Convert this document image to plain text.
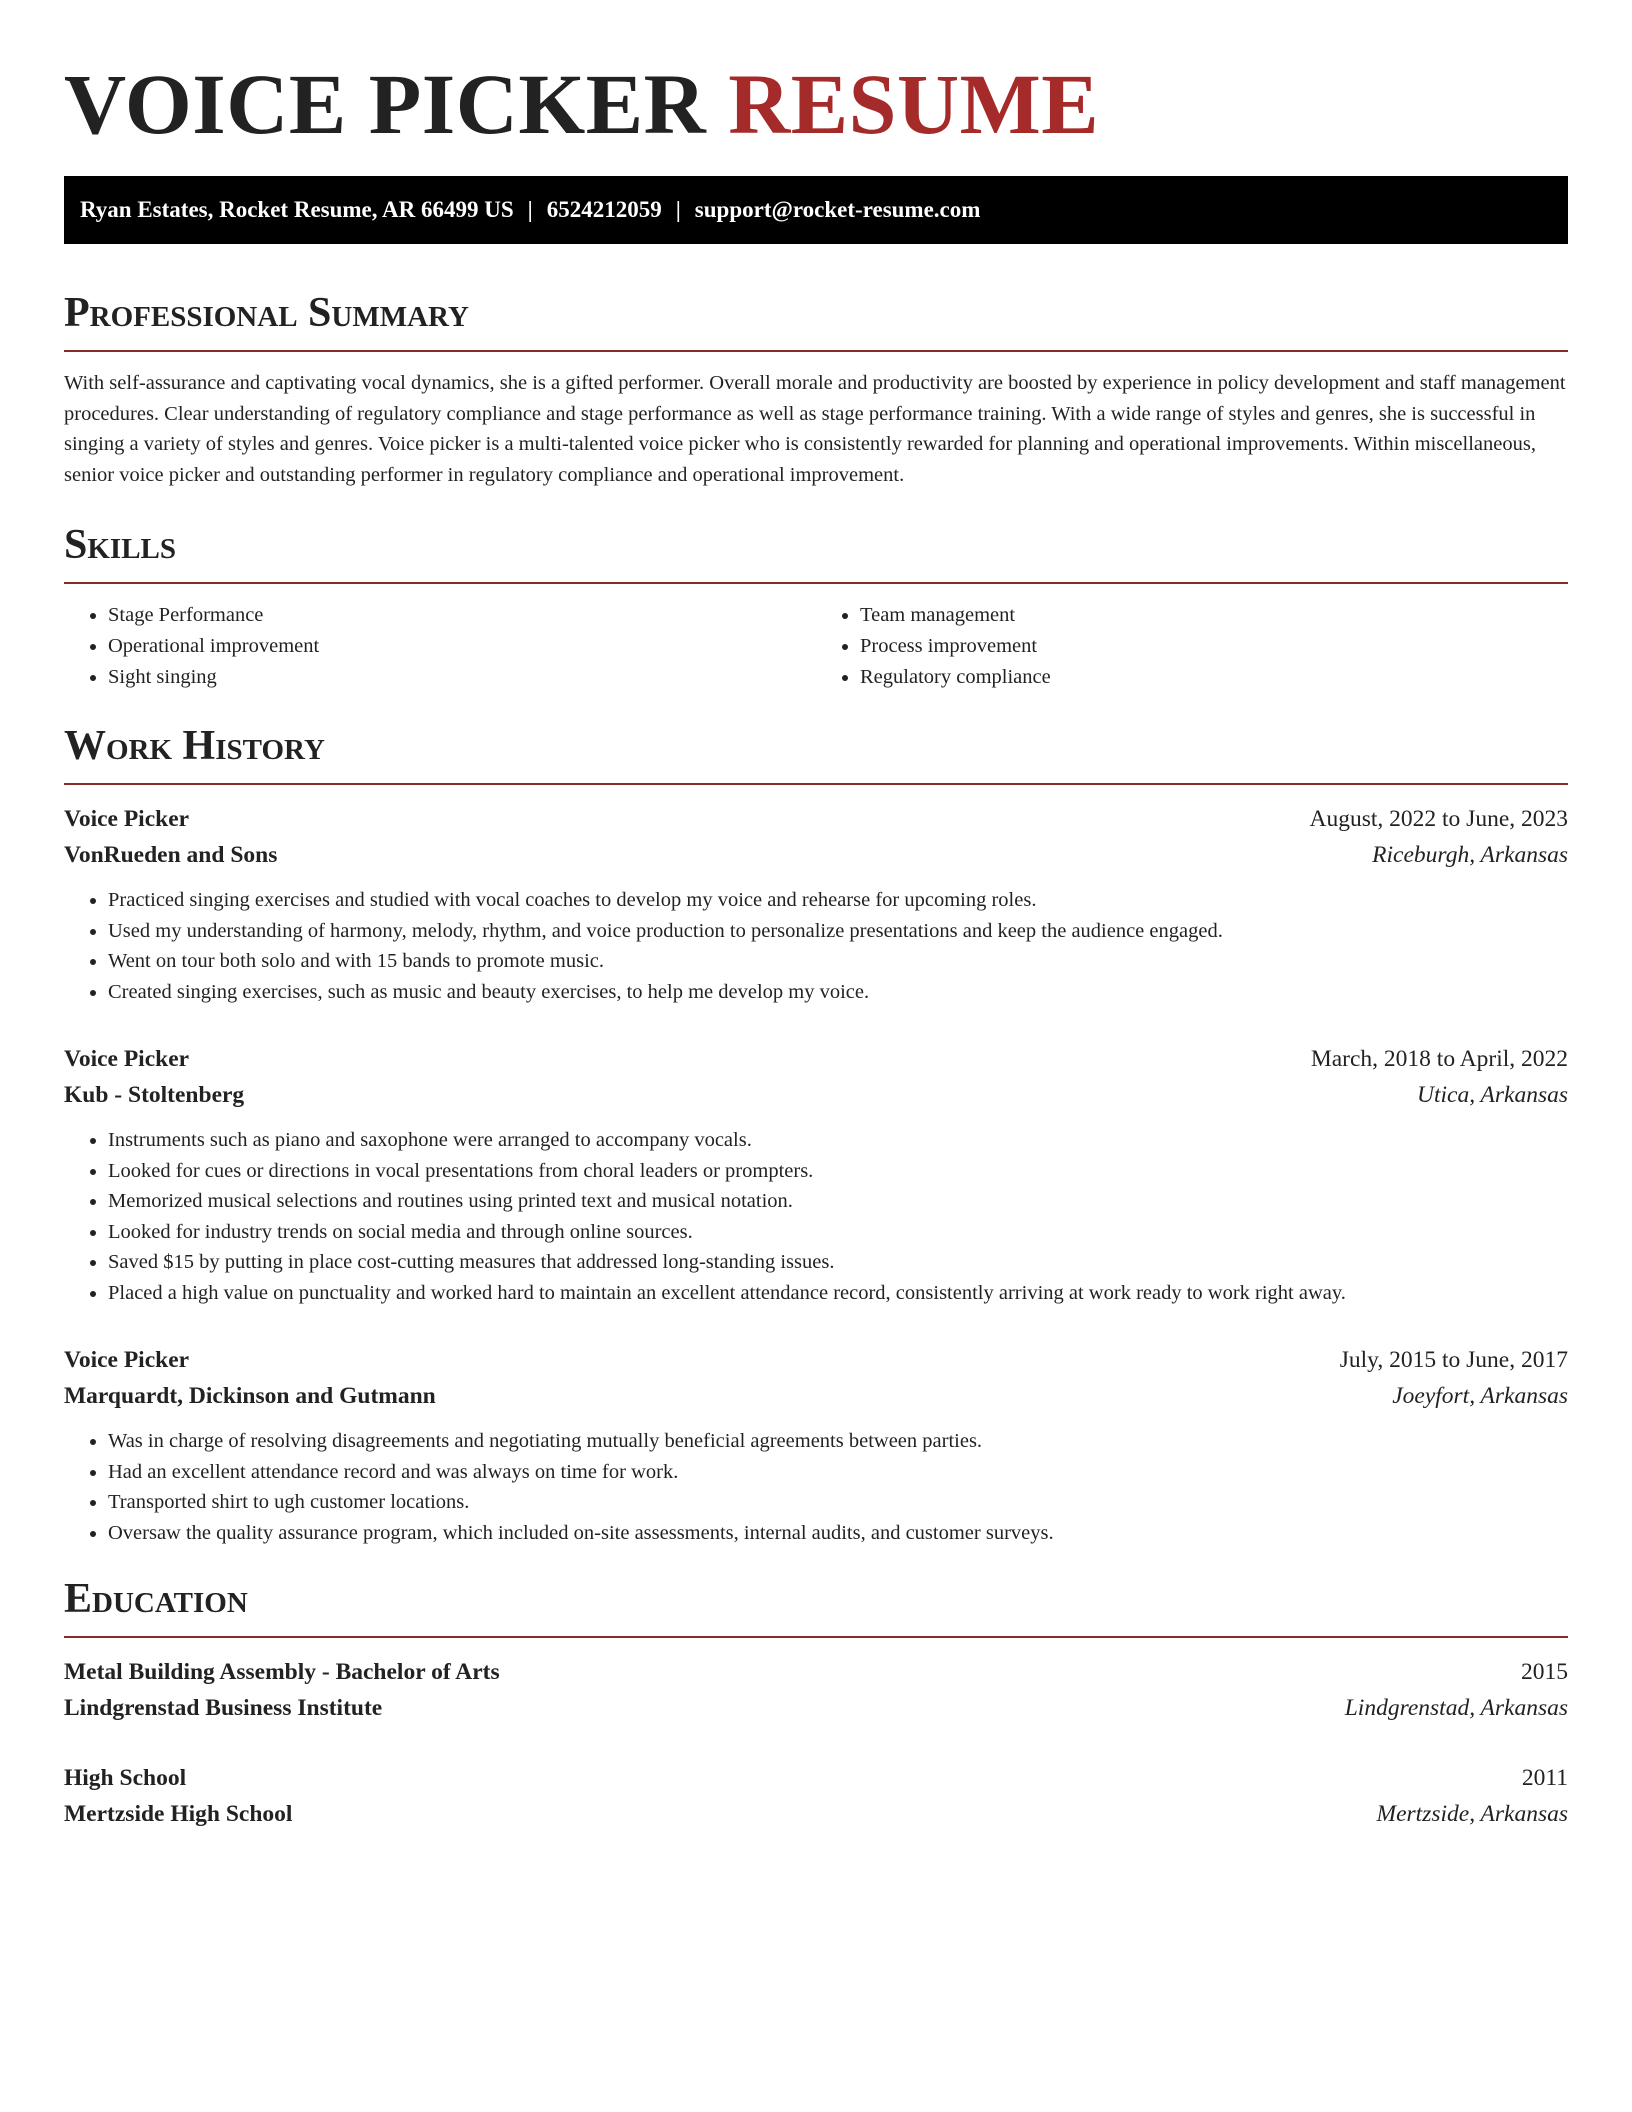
VOICE PICKER RESUME
Ryan Estates, Rocket Resume, AR 66499 US | 6524212059 | support@rocket-resume.com
Professional Summary

With self-assurance and captivating vocal dynamics, she is a gifted performer. Overall morale and productivity are boosted by experience in policy development and staff management procedures. Clear understanding of regulatory compliance and stage performance as well as stage performance training. With a wide range of styles and genres, she is successful in singing a variety of styles and genres. Voice picker is a multi-talented voice picker who is consistently rewarded for planning and operational improvements. Within miscellaneous, senior voice picker and outstanding performer in regulatory compliance and operational improvement.

Skills
• Stage Performance
• Operational improvement
• Sight singing
• Team management
• Process improvement
• Regulatory compliance
Work History
Voice Picker	August, 2022 to June, 2023
VonRueden and Sons	Riceburgh, Arkansas
• Practiced singing exercises and studied with vocal coaches to develop my voice and rehearse for upcoming roles.
• Used my understanding of harmony, melody, rhythm, and voice production to personalize presentations and keep the audience engaged.
• Went on tour both solo and with 15 bands to promote music.
• Created singing exercises, such as music and beauty exercises, to help me develop my voice.
Voice Picker	March, 2018 to April, 2022
Kub - Stoltenberg	Utica, Arkansas
• Instruments such as piano and saxophone were arranged to accompany vocals.
• Looked for cues or directions in vocal presentations from choral leaders or prompters.
• Memorized musical selections and routines using printed text and musical notation.
• Looked for industry trends on social media and through online sources.
• Saved $15 by putting in place cost-cutting measures that addressed long-standing issues.
• Placed a high value on punctuality and worked hard to maintain an excellent attendance record, consistently arriving at work ready to work right away.
Voice Picker	July, 2015 to June, 2017
Marquardt, Dickinson and Gutmann	Joeyfort, Arkansas
• Was in charge of resolving disagreements and negotiating mutually beneficial agreements between parties.
• Had an excellent attendance record and was always on time for work.
• Transported shirt to ugh customer locations.
• Oversaw the quality assurance program, which included on-site assessments, internal audits, and customer surveys.
Education
Metal Building Assembly - Bachelor of Arts	2015
Lindgrenstad Business Institute	Lindgrenstad, Arkansas
High School	2011
Mertzside High School	Mertzside, Arkansas
